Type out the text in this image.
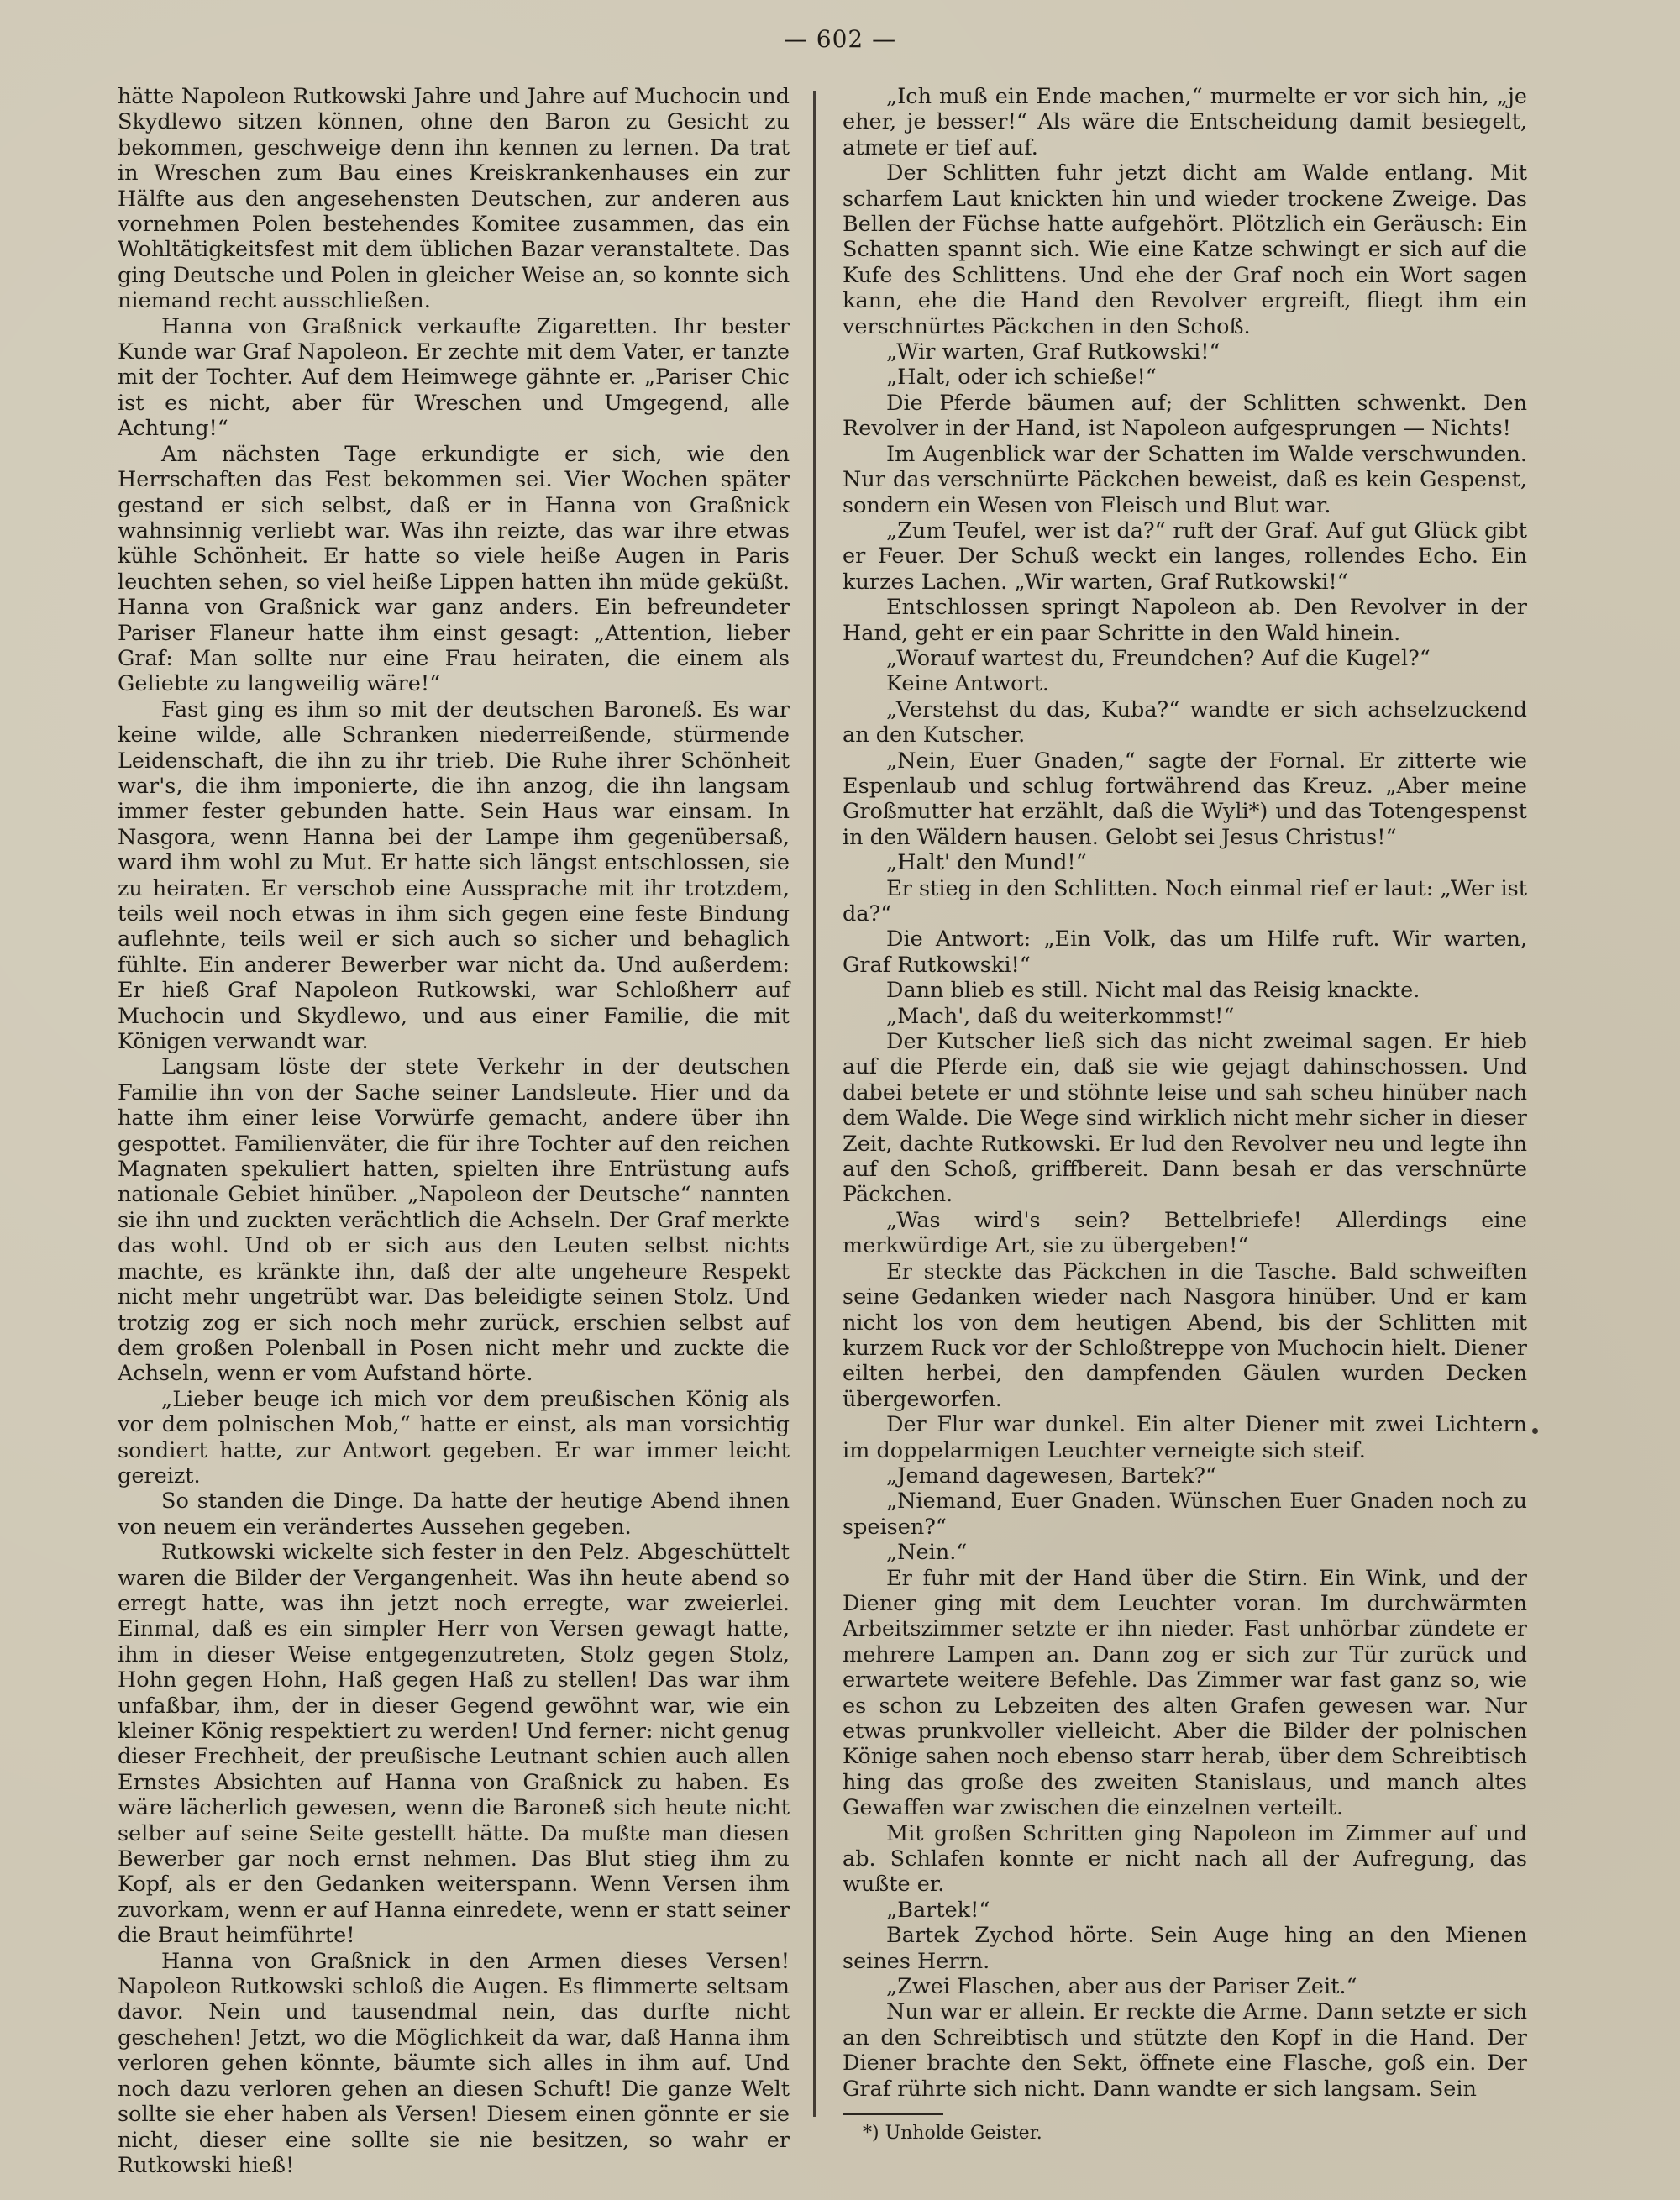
— 602 —

hätte Napoleon Rutkowski Jahre und Jahre auf Muchocin und Skydlewo sitzen können, ohne den Baron zu Gesicht zu bekommen, geschweige denn ihn kennen zu lernen. Da trat in Wreschen zum Bau eines Kreiskrankenhauses ein zur Hälfte aus den angesehensten Deutschen, zur anderen aus vornehmen Polen bestehendes Komitee zusammen, das ein Wohltätigkeitsfest mit dem üblichen Bazar veranstaltete. Das ging Deutsche und Polen in gleicher Weise an, so konnte sich niemand recht ausschließen.

Hanna von Graßnick verkaufte Zigaretten. Ihr bester Kunde war Graf Napoleon. Er zechte mit dem Vater, er tanzte mit der Tochter. Auf dem Heimwege gähnte er. „Pariser Chic ist es nicht, aber für Wreschen und Umgegend, alle Achtung!“

Am nächsten Tage erkundigte er sich, wie den Herrschaften das Fest bekommen sei. Vier Wochen später gestand er sich selbst, daß er in Hanna von Graßnick wahnsinnig verliebt war. Was ihn reizte, das war ihre etwas kühle Schönheit. Er hatte so viele heiße Augen in Paris leuchten sehen, so viel heiße Lippen hatten ihn müde geküßt. Hanna von Graßnick war ganz anders. Ein befreundeter Pariser Flaneur hatte ihm einst gesagt: „Attention, lieber Graf: Man sollte nur eine Frau heiraten, die einem als Geliebte zu langweilig wäre!“

Fast ging es ihm so mit der deutschen Baroneß. Es war keine wilde, alle Schranken niederreißende, stürmende Leidenschaft, die ihn zu ihr trieb. Die Ruhe ihrer Schönheit war's, die ihm imponierte, die ihn anzog, die ihn langsam immer fester gebunden hatte. Sein Haus war einsam. In Nasgora, wenn Hanna bei der Lampe ihm gegenübersaß, ward ihm wohl zu Mut. Er hatte sich längst entschlossen, sie zu heiraten. Er verschob eine Aussprache mit ihr trotzdem, teils weil noch etwas in ihm sich gegen eine feste Bindung auflehnte, teils weil er sich auch so sicher und behaglich fühlte. Ein anderer Bewerber war nicht da. Und außerdem: Er hieß Graf Napoleon Rutkowski, war Schloßherr auf Muchocin und Skydlewo, und aus einer Familie, die mit Königen verwandt war.

Langsam löste der stete Verkehr in der deutschen Familie ihn von der Sache seiner Landsleute. Hier und da hatte ihm einer leise Vorwürfe gemacht, andere über ihn gespottet. Familienväter, die für ihre Tochter auf den reichen Magnaten spekuliert hatten, spielten ihre Entrüstung aufs nationale Gebiet hinüber. „Napoleon der Deutsche“ nannten sie ihn und zuckten verächtlich die Achseln. Der Graf merkte das wohl. Und ob er sich aus den Leuten selbst nichts machte, es kränkte ihn, daß der alte ungeheure Respekt nicht mehr ungetrübt war. Das beleidigte seinen Stolz. Und trotzig zog er sich noch mehr zurück, erschien selbst auf dem großen Polenball in Posen nicht mehr und zuckte die Achseln, wenn er vom Aufstand hörte.

„Lieber beuge ich mich vor dem preußischen König als vor dem polnischen Mob,“ hatte er einst, als man vorsichtig sondiert hatte, zur Antwort gegeben. Er war immer leicht gereizt.

So standen die Dinge. Da hatte der heutige Abend ihnen von neuem ein verändertes Aussehen gegeben.

Rutkowski wickelte sich fester in den Pelz. Abgeschüttelt waren die Bilder der Vergangenheit. Was ihn heute abend so erregt hatte, was ihn jetzt noch erregte, war zweierlei. Einmal, daß es ein simpler Herr von Versen gewagt hatte, ihm in dieser Weise entgegenzutreten, Stolz gegen Stolz, Hohn gegen Hohn, Haß gegen Haß zu stellen! Das war ihm unfaßbar, ihm, der in dieser Gegend gewöhnt war, wie ein kleiner König respektiert zu werden! Und ferner: nicht genug dieser Frechheit, der preußische Leutnant schien auch allen Ernstes Absichten auf Hanna von Graßnick zu haben. Es wäre lächerlich gewesen, wenn die Baroneß sich heute nicht selber auf seine Seite gestellt hätte. Da mußte man diesen Bewerber gar noch ernst nehmen. Das Blut stieg ihm zu Kopf, als er den Gedanken weiterspann. Wenn Versen ihm zuvorkam, wenn er auf Hanna einredete, wenn er statt seiner die Braut heimführte!

Hanna von Graßnick in den Armen dieses Versen! Napoleon Rutkowski schloß die Augen. Es flimmerte seltsam davor. Nein und tausendmal nein, das durfte nicht geschehen! Jetzt, wo die Möglichkeit da war, daß Hanna ihm verloren gehen könnte, bäumte sich alles in ihm auf. Und noch dazu verloren gehen an diesen Schuft! Die ganze Welt sollte sie eher haben als Versen! Diesem einen gönnte er sie nicht, dieser eine sollte sie nie besitzen, so wahr er Rutkowski hieß!

„Ich muß ein Ende machen,“ murmelte er vor sich hin, „je eher, je besser!“ Als wäre die Entscheidung damit besiegelt, atmete er tief auf.

Der Schlitten fuhr jetzt dicht am Walde entlang. Mit scharfem Laut knickten hin und wieder trockene Zweige. Das Bellen der Füchse hatte aufgehört. Plötzlich ein Geräusch: Ein Schatten spannt sich. Wie eine Katze schwingt er sich auf die Kufe des Schlittens. Und ehe der Graf noch ein Wort sagen kann, ehe die Hand den Revolver ergreift, fliegt ihm ein verschnürtes Päckchen in den Schoß.

„Wir warten, Graf Rutkowski!“

„Halt, oder ich schieße!“

Die Pferde bäumen auf; der Schlitten schwenkt. Den Revolver in der Hand, ist Napoleon aufgesprungen — Nichts!

Im Augenblick war der Schatten im Walde verschwunden. Nur das verschnürte Päckchen beweist, daß es kein Gespenst, sondern ein Wesen von Fleisch und Blut war.

„Zum Teufel, wer ist da?“ ruft der Graf. Auf gut Glück gibt er Feuer. Der Schuß weckt ein langes, rollendes Echo. Ein kurzes Lachen. „Wir warten, Graf Rutkowski!“

Entschlossen springt Napoleon ab. Den Revolver in der Hand, geht er ein paar Schritte in den Wald hinein.

„Worauf wartest du, Freundchen? Auf die Kugel?“

Keine Antwort.

„Verstehst du das, Kuba?“ wandte er sich achselzuckend an den Kutscher.

„Nein, Euer Gnaden,“ sagte der Fornal. Er zitterte wie Espenlaub und schlug fortwährend das Kreuz. „Aber meine Großmutter hat erzählt, daß die Wyli*) und das Totengespenst in den Wäldern hausen. Gelobt sei Jesus Christus!“

„Halt' den Mund!“

Er stieg in den Schlitten. Noch einmal rief er laut: „Wer ist da?“

Die Antwort: „Ein Volk, das um Hilfe ruft. Wir warten, Graf Rutkowski!“

Dann blieb es still. Nicht mal das Reisig knackte.

„Mach', daß du weiterkommst!“

Der Kutscher ließ sich das nicht zweimal sagen. Er hieb auf die Pferde ein, daß sie wie gejagt dahinschossen. Und dabei betete er und stöhnte leise und sah scheu hinüber nach dem Walde. Die Wege sind wirklich nicht mehr sicher in dieser Zeit, dachte Rutkowski. Er lud den Revolver neu und legte ihn auf den Schoß, griffbereit. Dann besah er das verschnürte Päckchen.

„Was wird's sein? Bettelbriefe! Allerdings eine merkwürdige Art, sie zu übergeben!“

Er steckte das Päckchen in die Tasche. Bald schweiften seine Gedanken wieder nach Nasgora hinüber. Und er kam nicht los von dem heutigen Abend, bis der Schlitten mit kurzem Ruck vor der Schloßtreppe von Muchocin hielt. Diener eilten herbei, den dampfenden Gäulen wurden Decken übergeworfen.

Der Flur war dunkel. Ein alter Diener mit zwei Lichtern im doppelarmigen Leuchter verneigte sich steif.

„Jemand dagewesen, Bartek?“

„Niemand, Euer Gnaden. Wünschen Euer Gnaden noch zu speisen?“

„Nein.“

Er fuhr mit der Hand über die Stirn. Ein Wink, und der Diener ging mit dem Leuchter voran. Im durchwärmten Arbeitszimmer setzte er ihn nieder. Fast unhörbar zündete er mehrere Lampen an. Dann zog er sich zur Tür zurück und erwartete weitere Befehle. Das Zimmer war fast ganz so, wie es schon zu Lebzeiten des alten Grafen gewesen war. Nur etwas prunkvoller vielleicht. Aber die Bilder der polnischen Könige sahen noch ebenso starr herab, über dem Schreibtisch hing das große des zweiten Stanislaus, und manch altes Gewaffen war zwischen die einzelnen verteilt.

Mit großen Schritten ging Napoleon im Zimmer auf und ab. Schlafen konnte er nicht nach all der Aufregung, das wußte er.

„Bartek!“

Bartek Zychod hörte. Sein Auge hing an den Mienen seines Herrn.

„Zwei Flaschen, aber aus der Pariser Zeit.“

Nun war er allein. Er reckte die Arme. Dann setzte er sich an den Schreibtisch und stützte den Kopf in die Hand. Der Diener brachte den Sekt, öffnete eine Flasche, goß ein. Der Graf rührte sich nicht. Dann wandte er sich langsam. Sein

*) Unholde Geister.
